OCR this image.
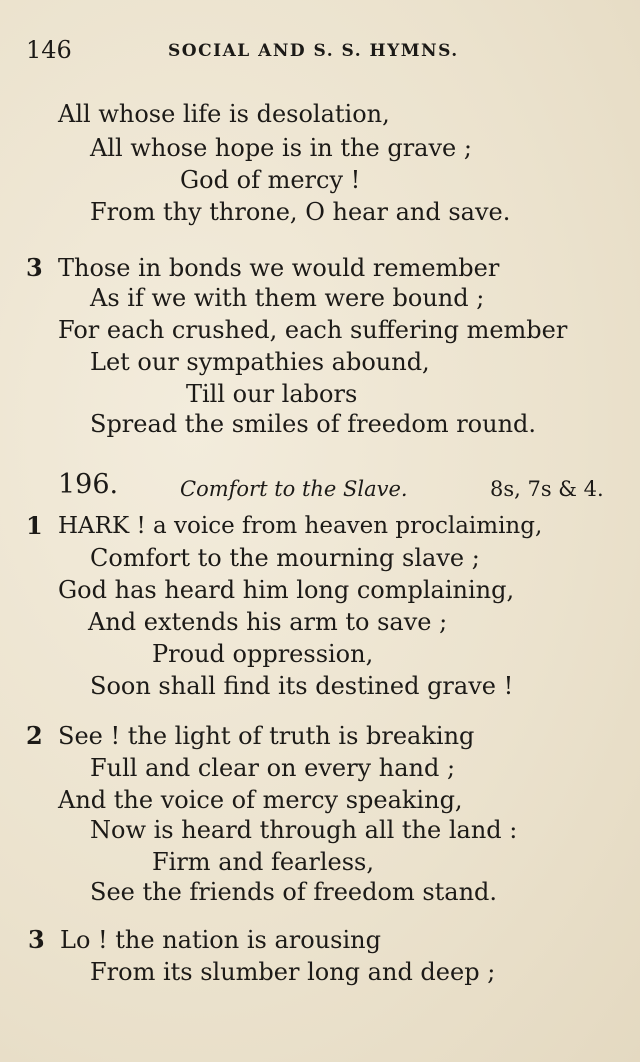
146	SOCIAL AND S. S. HYMNS.
All whose life is desolation,
All whose hope is in the grave ;
God of mercy !
From thy throne, O hear and save.
3 Those in bonds we would remember
As if we with them were bound ;
For each crushed, each suffering member
Let our sympathies abound,
Till our labors
Spread the smiles of freedom round.
196.	Comfort to the Slave.	8s, 7s & 4.
1 HARK ! a voice from heaven proclaiming,
Comfort to the mourning slave ;
God has heard him long complaining,
And extends his arm to save ;
Proud oppression,
Soon shall find its destined grave !
2 See ! the light of truth is breaking
Full and clear on every hand ;
And the voice of mercy speaking,
Now is heard through all the land :
Firm and fearless,
See the friends of freedom stand.
3 Lo ! the nation is arousing
From its slumber long and deep ;
